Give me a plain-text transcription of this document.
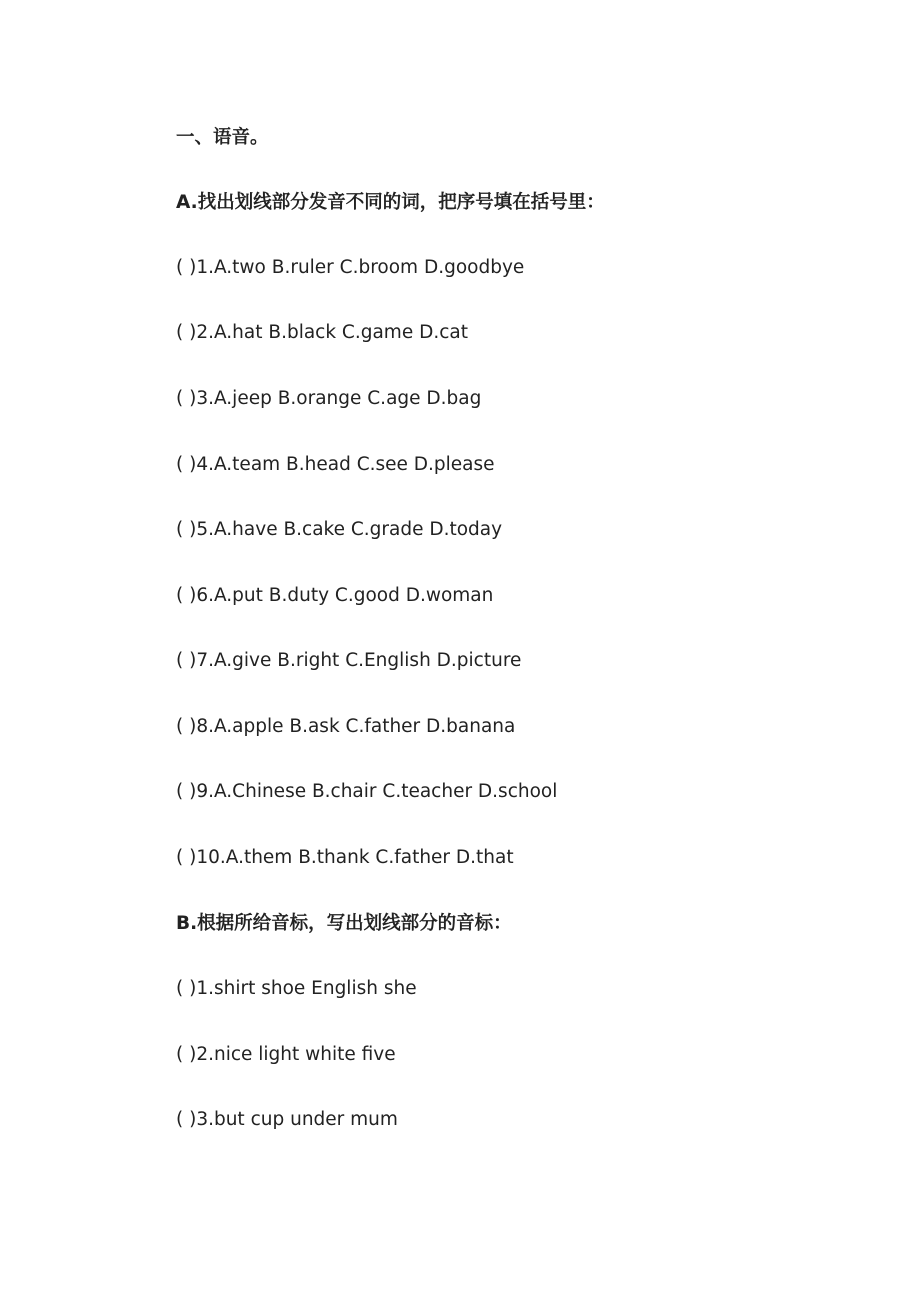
一、语音。
A.找出划线部分发音不同的词，把序号填在括号里：
( )1.A.two B.ruler C.broom D.goodbye
( )2.A.hat B.black C.game D.cat
( )3.A.jeep B.orange C.age D.bag
( )4.A.team B.head C.see D.please
( )5.A.have B.cake C.grade D.today
( )6.A.put B.duty C.good D.woman
( )7.A.give B.right C.English D.picture
( )8.A.apple B.ask C.father D.banana
( )9.A.Chinese B.chair C.teacher D.school
( )10.A.them B.thank C.father D.that
B.根据所给音标，写出划线部分的音标：
( )1.shirt shoe English she
( )2.nice light white five
( )3.but cup under mum
